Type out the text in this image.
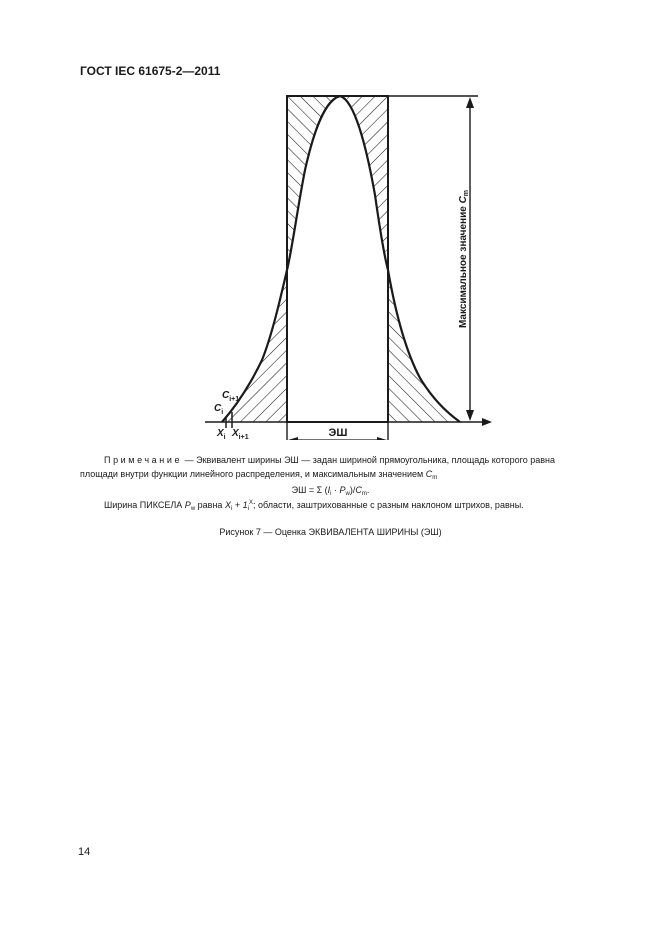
ГОСТ IEC 61675-2—2011
ЭШ
Максимальное значение $C_m$
$C_{i+1}$
$C_i$
$X_i$ $X_{i+1}$
Примечание — Эквивалент ширины ЭШ — задан шириной прямоугольника, площадь которого равна площади внутри функции линейного распределения, и максимальным значением $C_m$
ЭШ = Σ $(I_i \cdot P_w)/C_m$.
Ширина ПИКСЕЛА $P_w$ равна $X_i + 1_i^X$; области, заштрихованные с разным наклоном штрихов, равны.
Рисунок 7 — Оценка ЭКВИВАЛЕНТА ШИРИНЫ (ЭШ)
14
